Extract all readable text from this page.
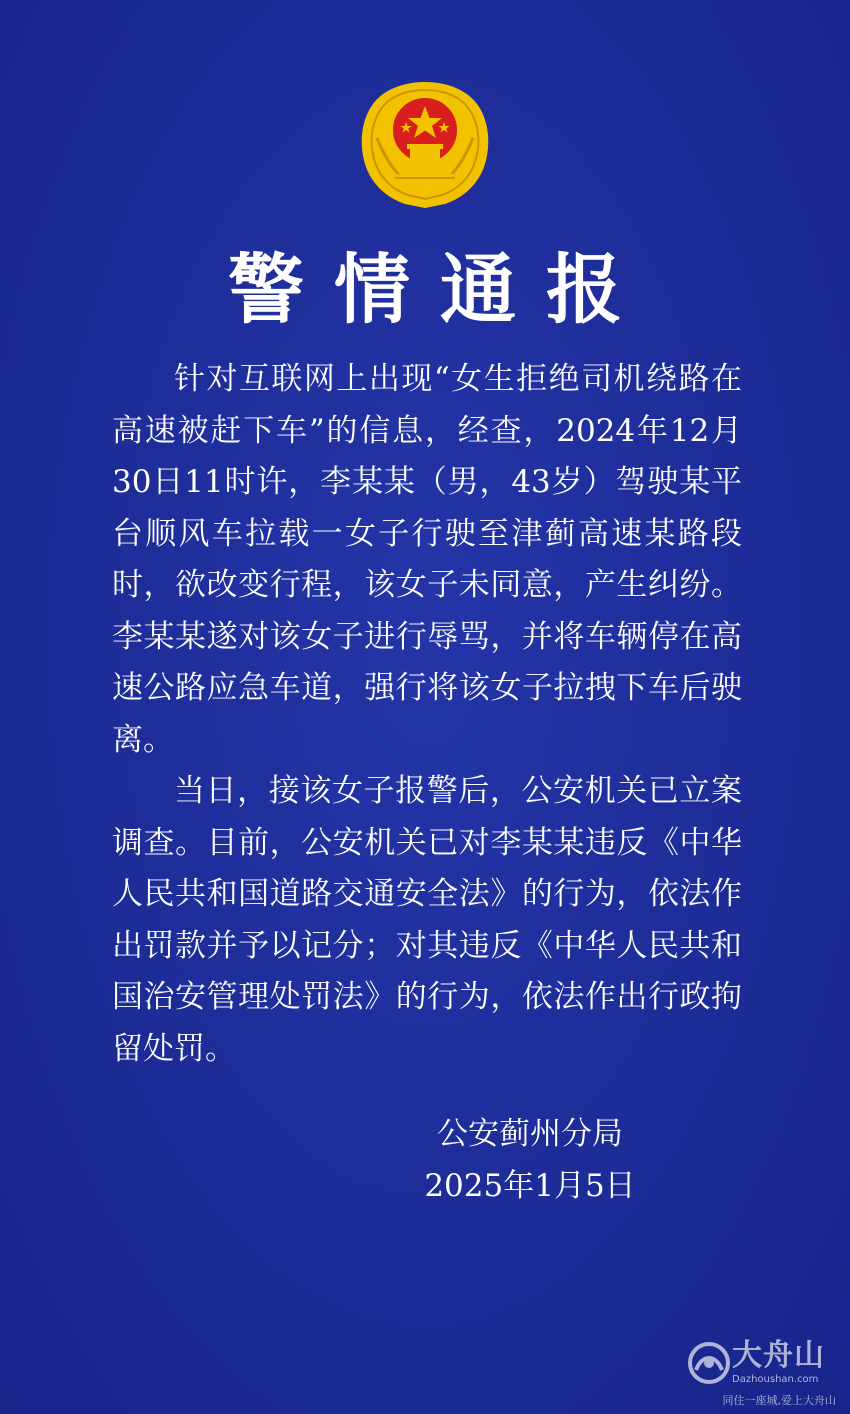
警情通报

针对互联网上出现“女生拒绝司机绕路在高速被赶下车”的信息，经查，2024年12月30日11时许，李某某（男，43岁）驾驶某平台顺风车拉载一女子行驶至津蓟高速某路段时，欲改变行程，该女子未同意，产生纠纷。李某某遂对该女子进行辱骂，并将车辆停在高速公路应急车道，强行将该女子拉拽下车后驶离。

当日，接该女子报警后，公安机关已立案调查。目前，公安机关已对李某某违反《中华人民共和国道路交通安全法》的行为，依法作出罚款并予以记分；对其违反《中华人民共和国治安管理处罚法》的行为，依法作出行政拘留处罚。

公安蓟州分局
2025年1月5日
大舟山
Dazhoushan.com
同住一座城,爱上大舟山
